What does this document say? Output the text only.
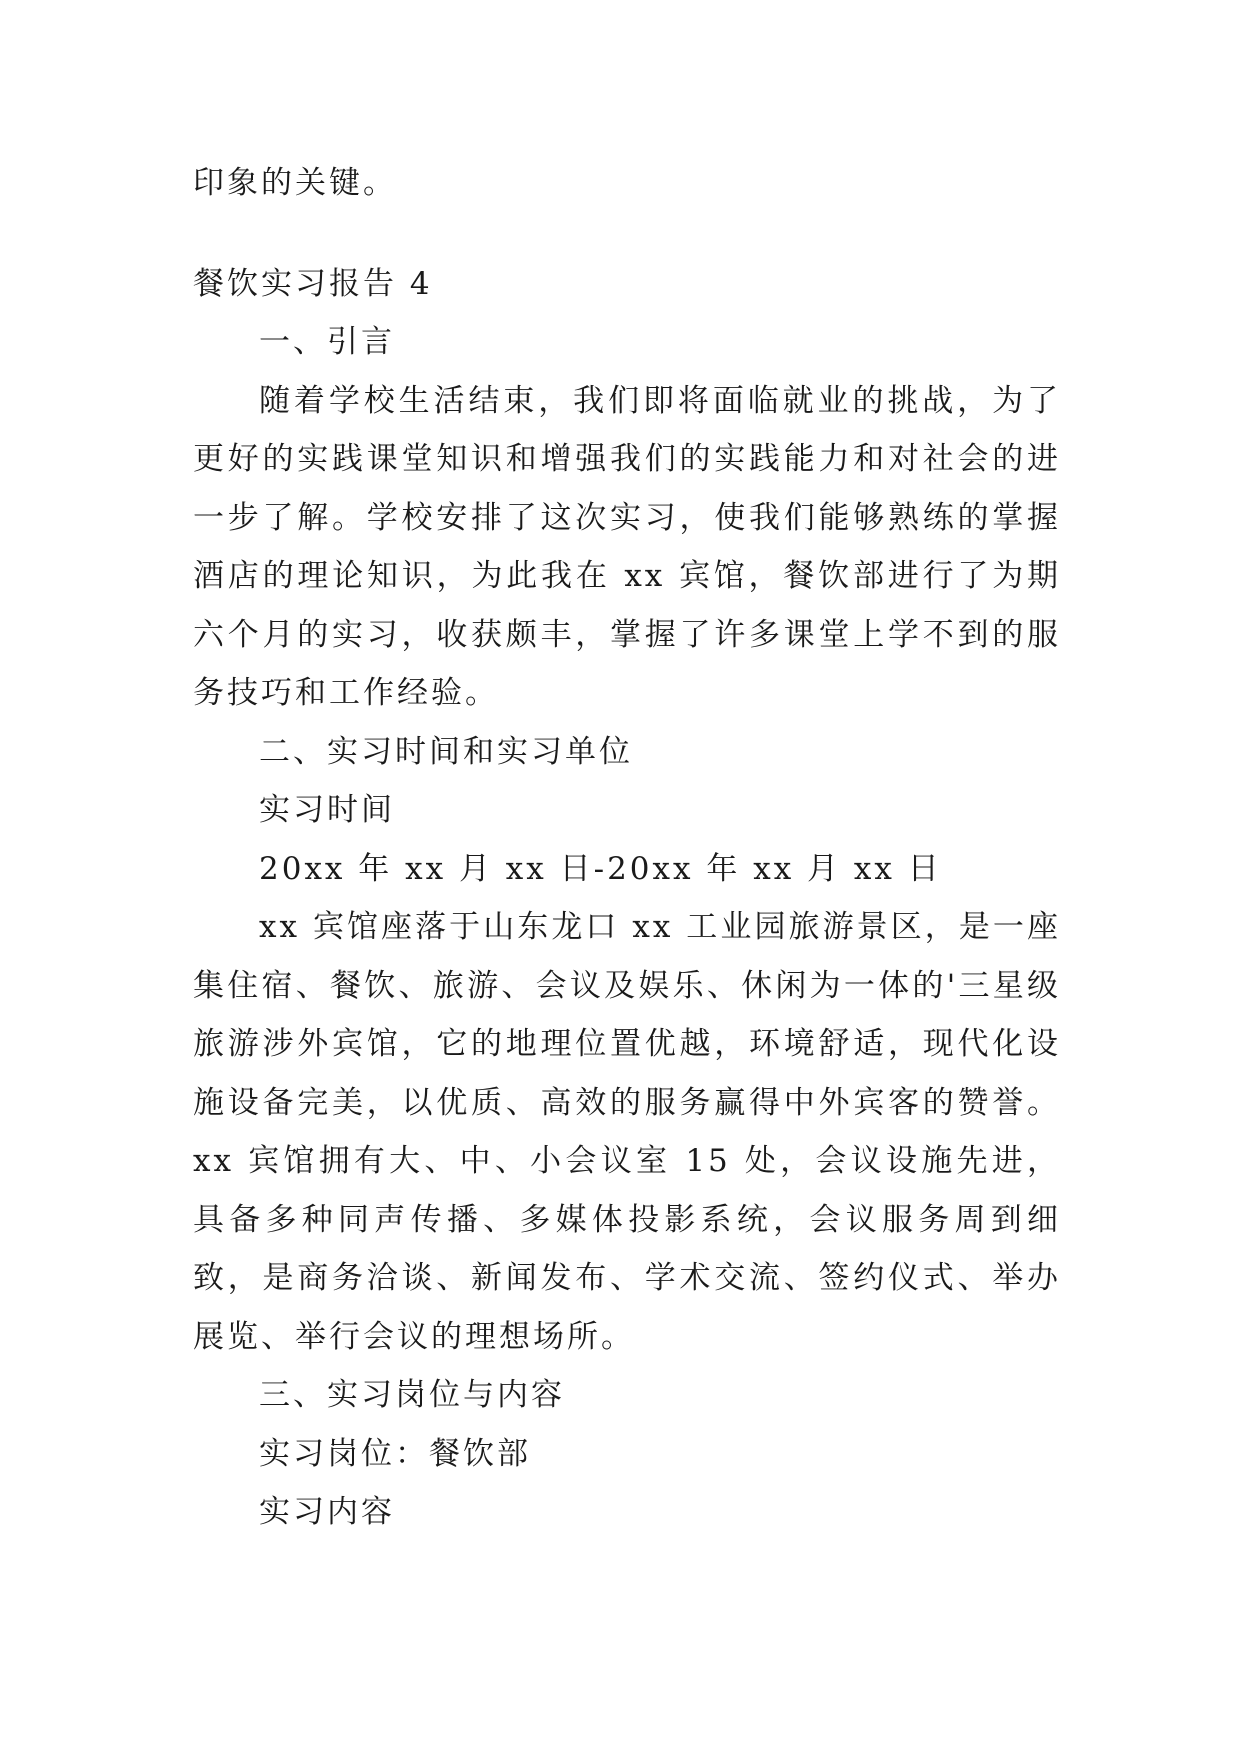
印象的关键。
餐饮实习报告 4
一、引言

随着学校生活结束，我们即将面临就业的挑战，为了更好的实践课堂知识和增强我们的实践能力和对社会的进一步了解。学校安排了这次实习，使我们能够熟练的掌握酒店的理论知识，为此我在 xx 宾馆，餐饮部进行了为期六个月的实习，收获颇丰，掌握了许多课堂上学不到的服务技巧和工作经验。

二、实习时间和实习单位
实习时间
20xx 年 xx 月 xx 日-20xx 年 xx 月 xx 日

xx 宾馆座落于山东龙口 xx 工业园旅游景区，是一座集住宿、餐饮、旅游、会议及娱乐、休闲为一体的'三星级旅游涉外宾馆，它的地理位置优越，环境舒适，现代化设施设备完美，以优质、高效的服务赢得中外宾客的赞誉。xx 宾馆拥有大、中、小会议室 15 处，会议设施先进，具备多种同声传播、多媒体投影系统，会议服务周到细致，是商务洽谈、新闻发布、学术交流、签约仪式、举办展览、举行会议的理想场所。

三、实习岗位与内容
实习岗位：餐饮部
实习内容
